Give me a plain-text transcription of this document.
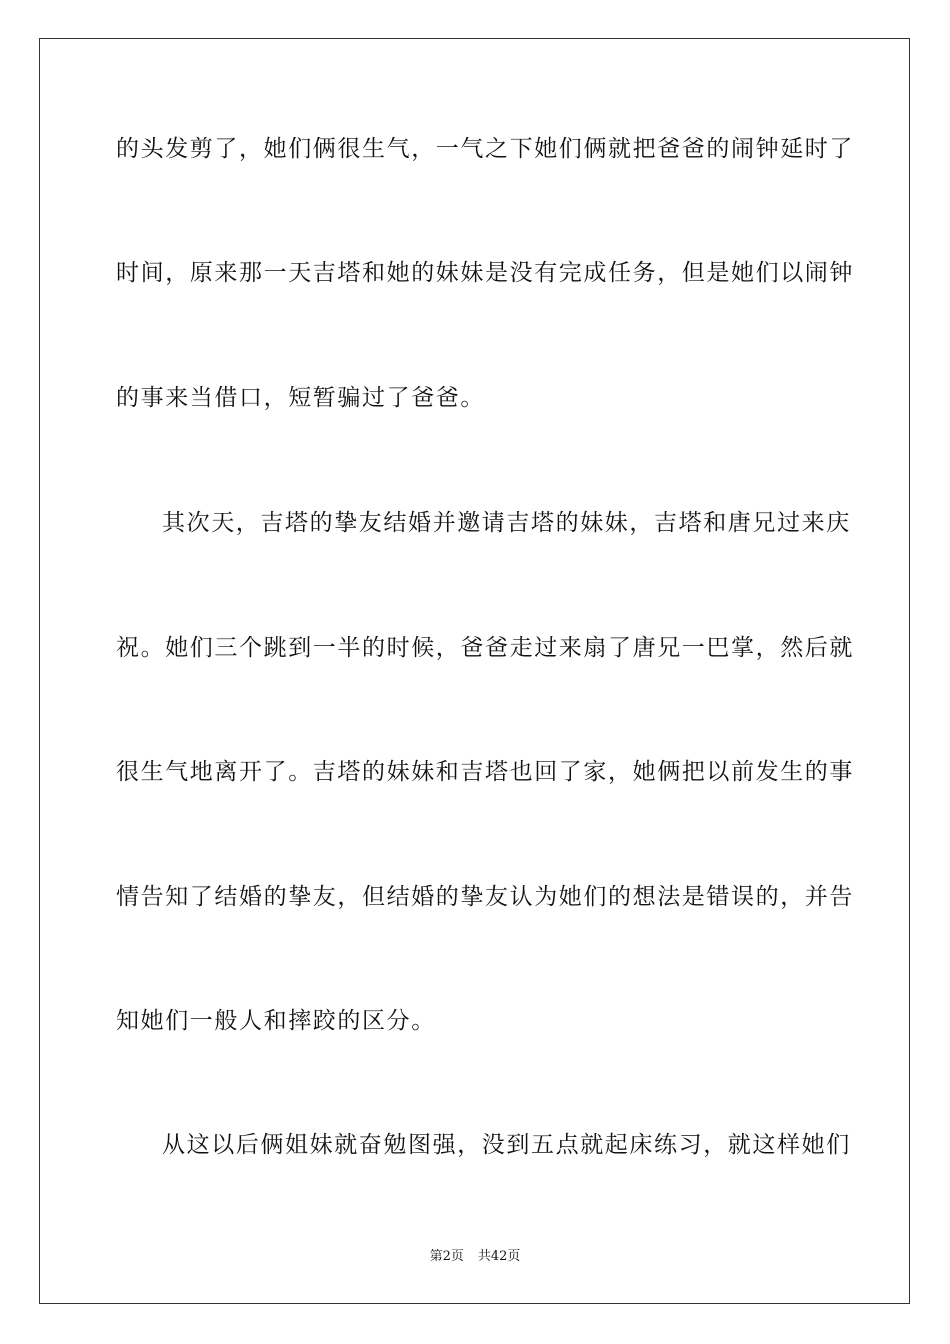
的头发剪了，她们俩很生气，一气之下她们俩就把爸爸的闹钟延时了
时间，原来那一天吉塔和她的妹妹是没有完成任务，但是她们以闹钟
的事来当借口，短暂骗过了爸爸。
其次天，吉塔的挚友结婚并邀请吉塔的妹妹，吉塔和唐兄过来庆
祝。她们三个跳到一半的时候，爸爸走过来扇了唐兄一巴掌，然后就
很生气地离开了。吉塔的妹妹和吉塔也回了家，她俩把以前发生的事
情告知了结婚的挚友，但结婚的挚友认为她们的想法是错误的，并告
知她们一般人和摔跤的区分。
从这以后俩姐妹就奋勉图强，没到五点就起床练习，就这样她们
第2页 共42页
